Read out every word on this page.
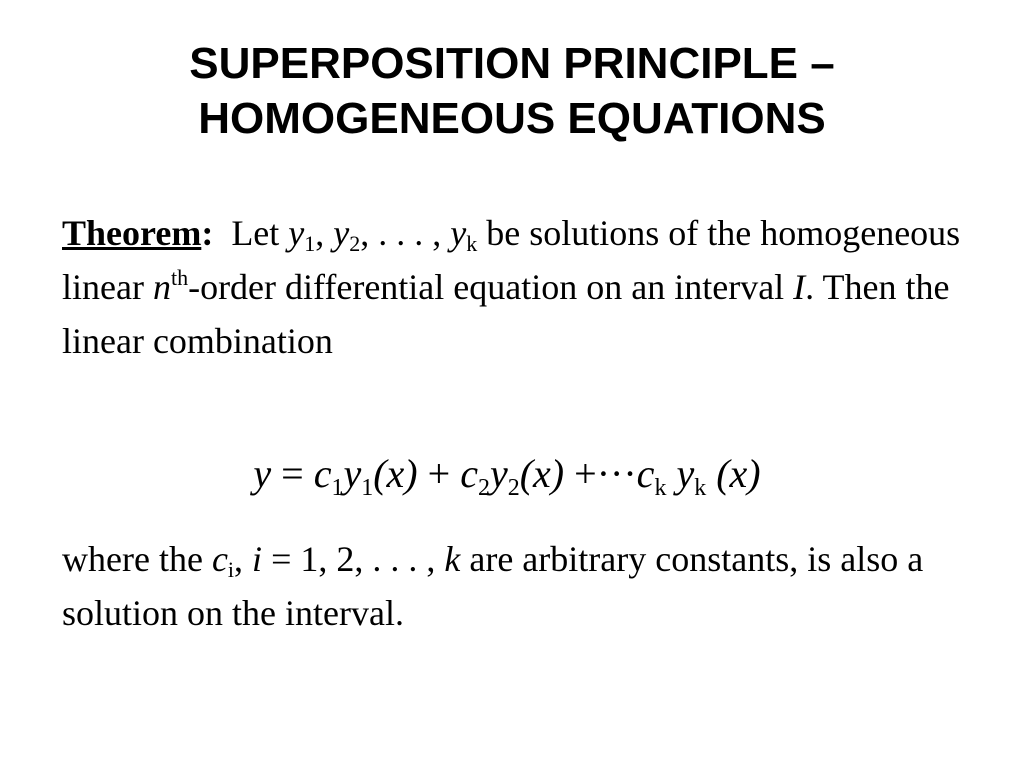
SUPERPOSITION PRINCIPLE –
HOMOGENEOUS EQUATIONS
Theorem: Let $y_1$, $y_2$, . . . , $y_k$ be solutions of the homogeneous linear $n^{th}$-order differential equation on an interval I. Then the linear combination
$y = c_1y_1(x) + c_2y_2(x) +\cdot\cdot\cdot c_k$ $y_k$ (x)
where the $c_i$, i = 1, 2, . . . , k are arbitrary constants, is also a solution on the interval.
